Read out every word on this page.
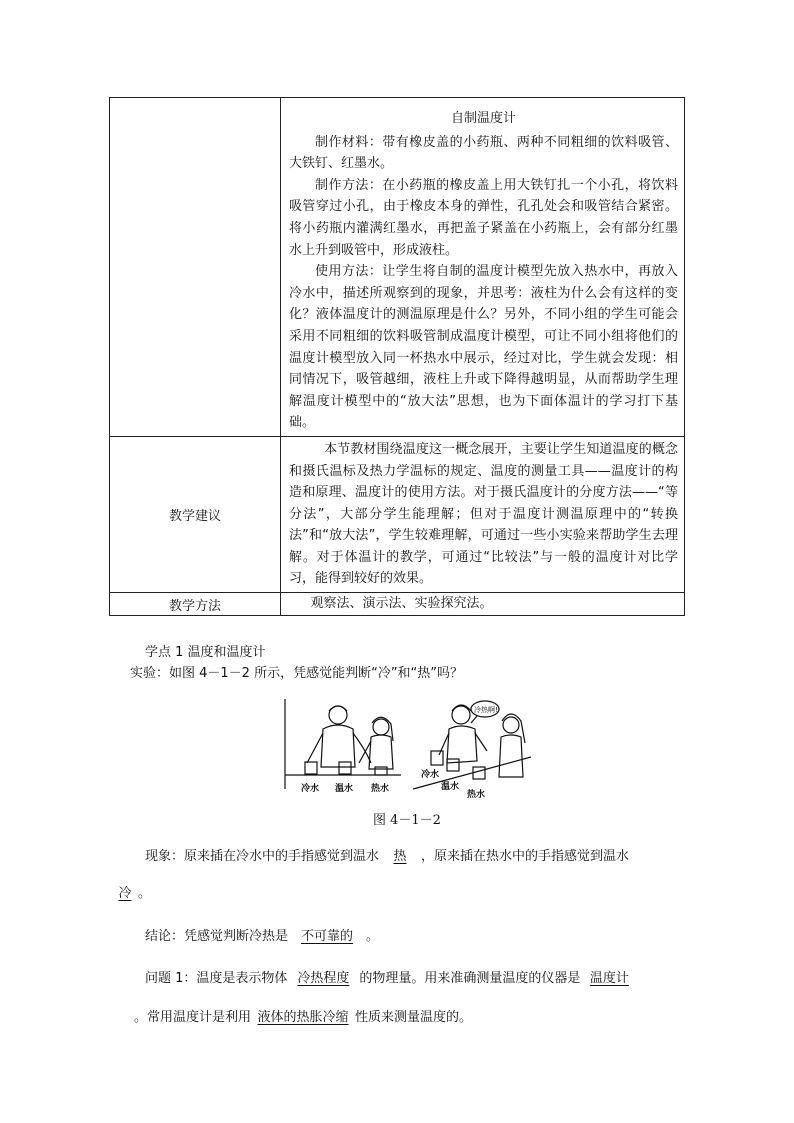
	自制温度计

制作材料：带有橡皮盖的小药瓶、两种不同粗细的饮料吸管、大铁钉、红墨水。

制作方法：在小药瓶的橡皮盖上用大铁钉扎一个小孔，将饮料吸管穿过小孔，由于橡皮本身的弹性，孔孔处会和吸管结合紧密。将小药瓶内灌满红墨水，再把盖子紧盖在小药瓶上，会有部分红墨水上升到吸管中，形成液柱。

使用方法：让学生将自制的温度计模型先放入热水中，再放入冷水中，描述所观察到的现象，并思考：液柱为什么会有这样的变化？液体温度计的测温原理是什么？另外，不同小组的学生可能会采用不同粗细的饮料吸管制成温度计模型，可让不同小组将他们的温度计模型放入同一杯热水中展示，经过对比，学生就会发现：相同情况下，吸管越细，液柱上升或下降得越明显，从而帮助学生理解温度计模型中的“放大法”思想，也为下面体温计的学习打下基础。

教学建议	本节教材围绕温度这一概念展开，主要让学生知道温度的概念和摄氏温标及热力学温标的规定、温度的测量工具——温度计的构造和原理、温度计的使用方法。对于摄氏温度计的分度方法——“等分法”，大部分学生能理解；但对于温度计测温原理中的“转换法”和“放大法”，学生较难理解，可通过一些小实验来帮助学生去理解。对于体温计的教学，可通过“比较法”与一般的温度计对比学习，能得到较好的效果。

教学方法	观察法、演示法、实验探究法。

学点 1 温度和温度计

实验：如图 4－1－2 所示，凭感觉能判断“冷”和“热”吗？

冷水 温水 热水
冷水
温水
热水
冷热啊!
图 4－1－2

现象：原来插在冷水中的手指感觉到温水 热 ，原来插在热水中的手指感觉到温水

冷 。

结论：凭感觉判断冷热是 不可靠的 。

问题 1：温度是表示物体 冷热程度 的物理量。用来准确测量温度的仪器是 温度计

。常用温度计是利用 液体的热胀冷缩 性质来测量温度的。
